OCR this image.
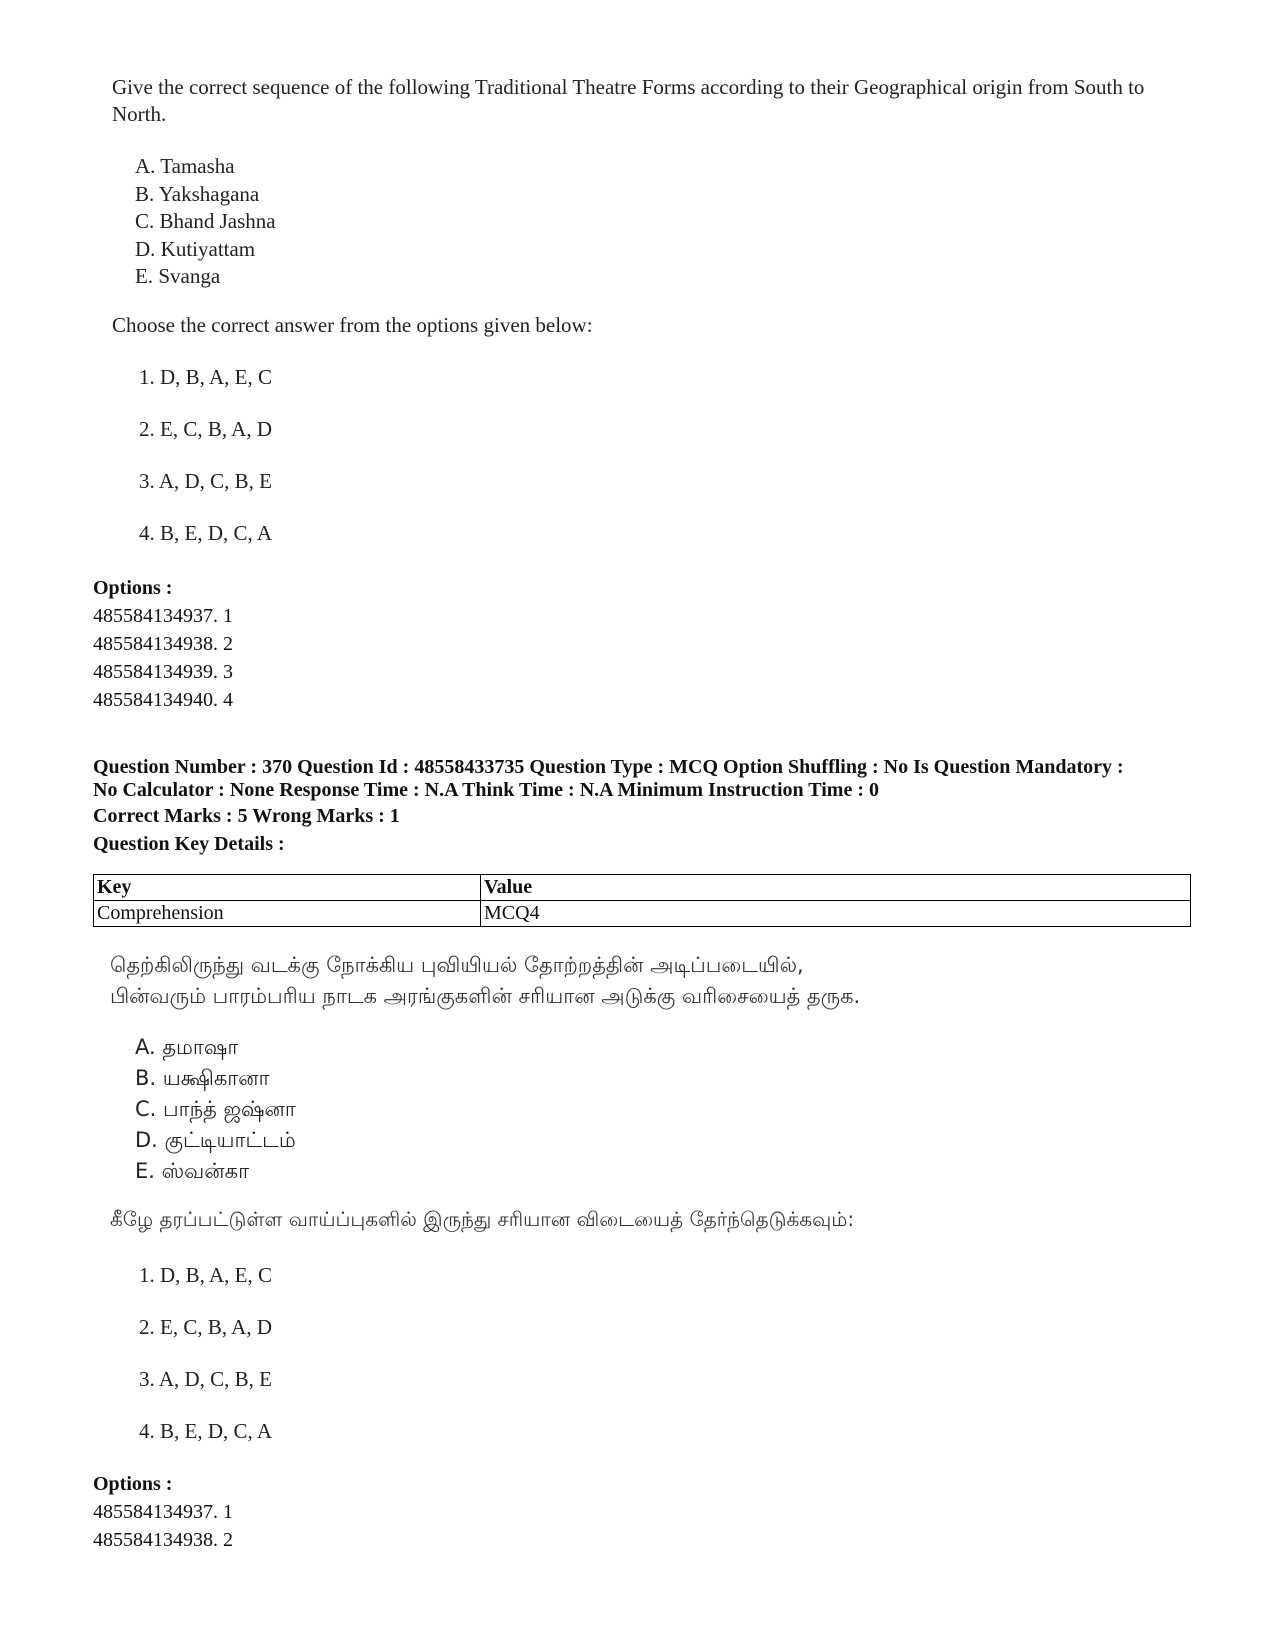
Give the correct sequence of the following Traditional Theatre Forms according to their Geographical origin from South to North.

A. Tamasha
B. Yakshagana
C. Bhand Jashna
D. Kutiyattam
E. Svanga
Choose the correct answer from the options given below:
1. D, B, A, E, C
2. E, C, B, A, D
3. A, D, C, B, E
4. B, E, D, C, A
Options :
485584134937. 1
485584134938. 2
485584134939. 3
485584134940. 4
Question Number : 370 Question Id : 48558433735 Question Type : MCQ Option Shuffling : No Is Question Mandatory :
No Calculator : None Response Time : N.A Think Time : N.A Minimum Instruction Time : 0
Correct Marks : 5 Wrong Marks : 1
Question Key Details :
Key	Value
Comprehension	MCQ4
தெற்கிலிருந்து வடக்கு நோக்கிய புவியியல் தோற்றத்தின் அடிப்படையில்,
பின்வரும் பாரம்பரிய நாடக அரங்குகளின் சரியான அடுக்கு வரிசையைத் தருக.
A. தமாஷா
B. யக்ஷிகானா
C. பாந்த் ஜஷ்னா
D. குட்டியாட்டம்
E. ஸ்வன்கா
கீழே தரப்பட்டுள்ள வாய்ப்புகளில் இருந்து சரியான விடையைத் தேர்ந்தெடுக்கவும்:
1. D, B, A, E, C
2. E, C, B, A, D
3. A, D, C, B, E
4. B, E, D, C, A
Options :
485584134937. 1
485584134938. 2
